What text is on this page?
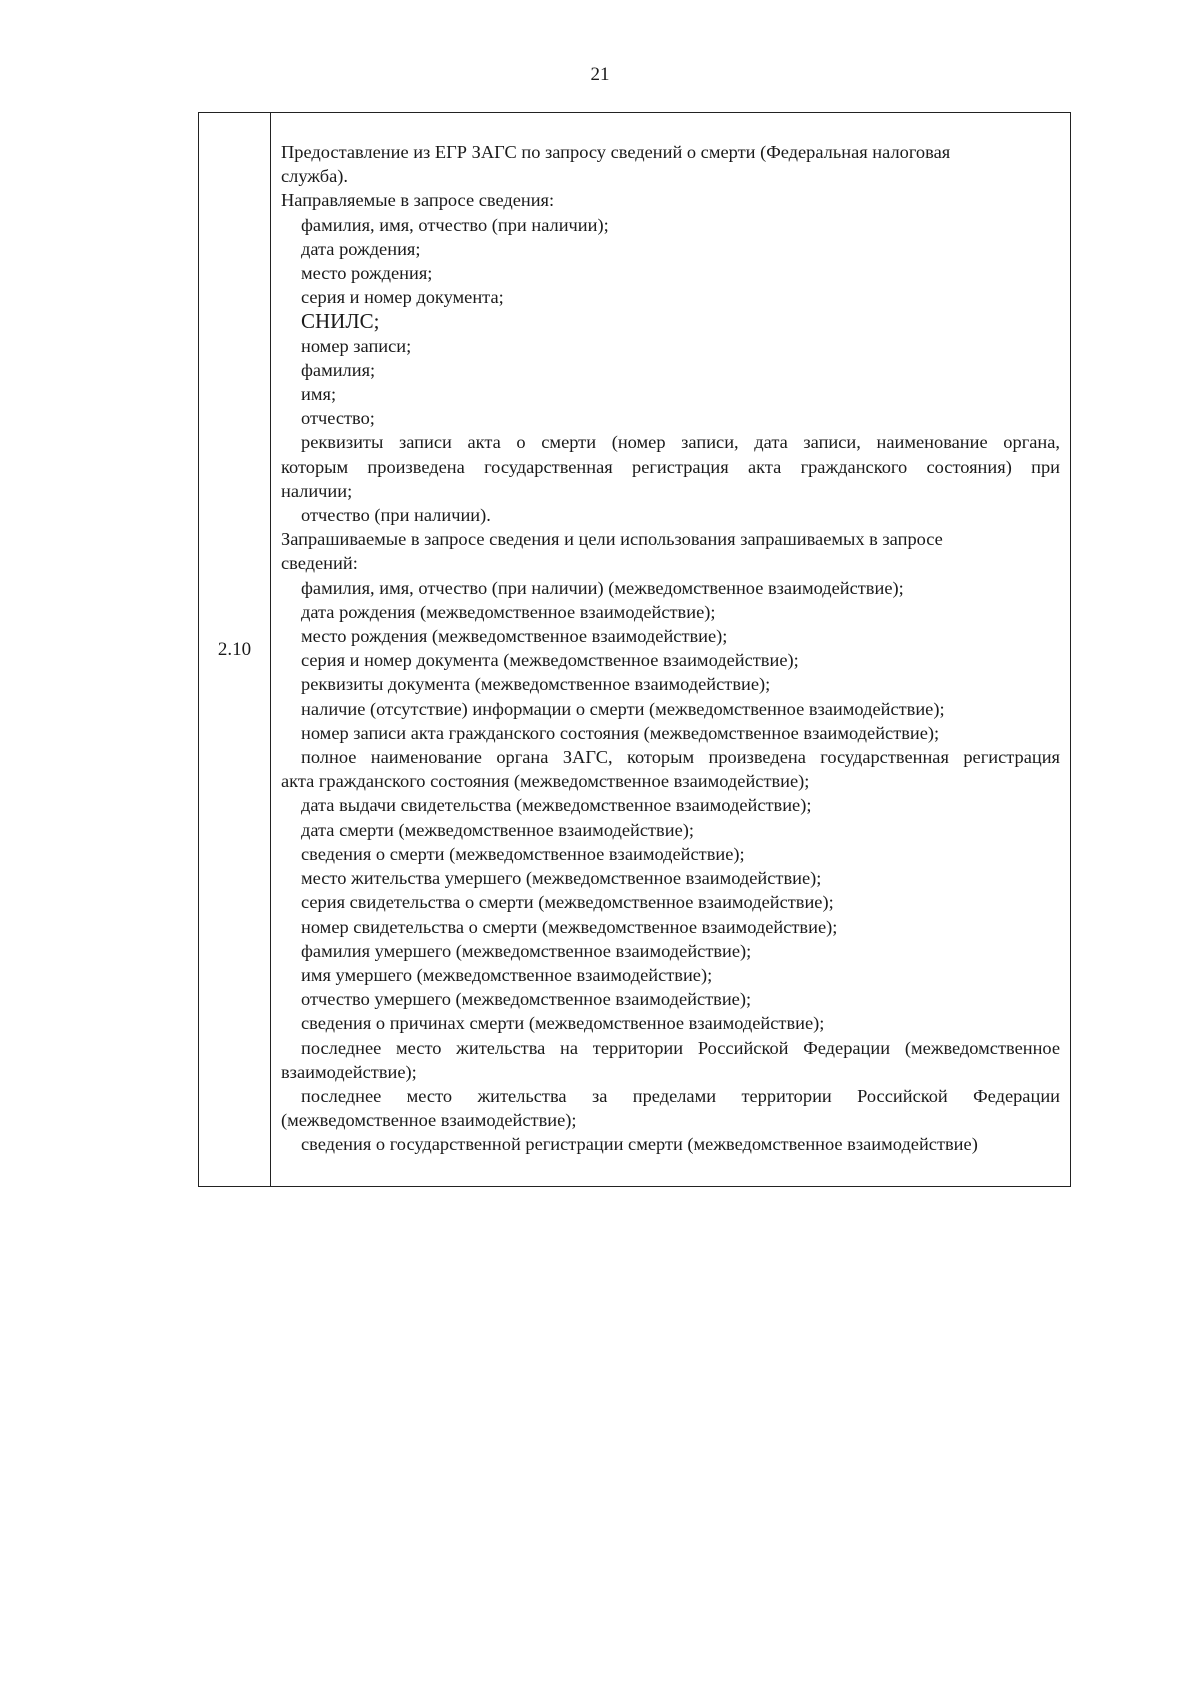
21
2.10
Предоставление из ЕГР ЗАГС по запросу сведений о смерти (Федеральная налоговая
служба).
Направляемые в запросе сведения:
фамилия, имя, отчество (при наличии);
дата рождения;
место рождения;
серия и номер документа;
СНИЛС;
номер записи;
фамилия;
имя;
отчество;
реквизиты записи акта о смерти (номер записи, дата записи, наименование органа,
которым произведена государственная регистрация акта гражданского состояния) при
наличии;
отчество (при наличии).
Запрашиваемые в запросе сведения и цели использования запрашиваемых в запросе
сведений:
фамилия, имя, отчество (при наличии) (межведомственное взаимодействие);
дата рождения (межведомственное взаимодействие);
место рождения (межведомственное взаимодействие);
серия и номер документа (межведомственное взаимодействие);
реквизиты документа (межведомственное взаимодействие);
наличие (отсутствие) информации о смерти (межведомственное взаимодействие);
номер записи акта гражданского состояния (межведомственное взаимодействие);
полное наименование органа ЗАГС, которым произведена государственная регистрация
акта гражданского состояния (межведомственное взаимодействие);
дата выдачи свидетельства (межведомственное взаимодействие);
дата смерти (межведомственное взаимодействие);
сведения о смерти (межведомственное взаимодействие);
место жительства умершего (межведомственное взаимодействие);
серия свидетельства о смерти (межведомственное взаимодействие);
номер свидетельства о смерти (межведомственное взаимодействие);
фамилия умершего (межведомственное взаимодействие);
имя умершего (межведомственное взаимодействие);
отчество умершего (межведомственное взаимодействие);
сведения о причинах смерти (межведомственное взаимодействие);
последнее место жительства на территории Российской Федерации (межведомственное
взаимодействие);
последнее место жительства за пределами территории Российской Федерации
(межведомственное взаимодействие);
сведения о государственной регистрации смерти (межведомственное взаимодействие)
